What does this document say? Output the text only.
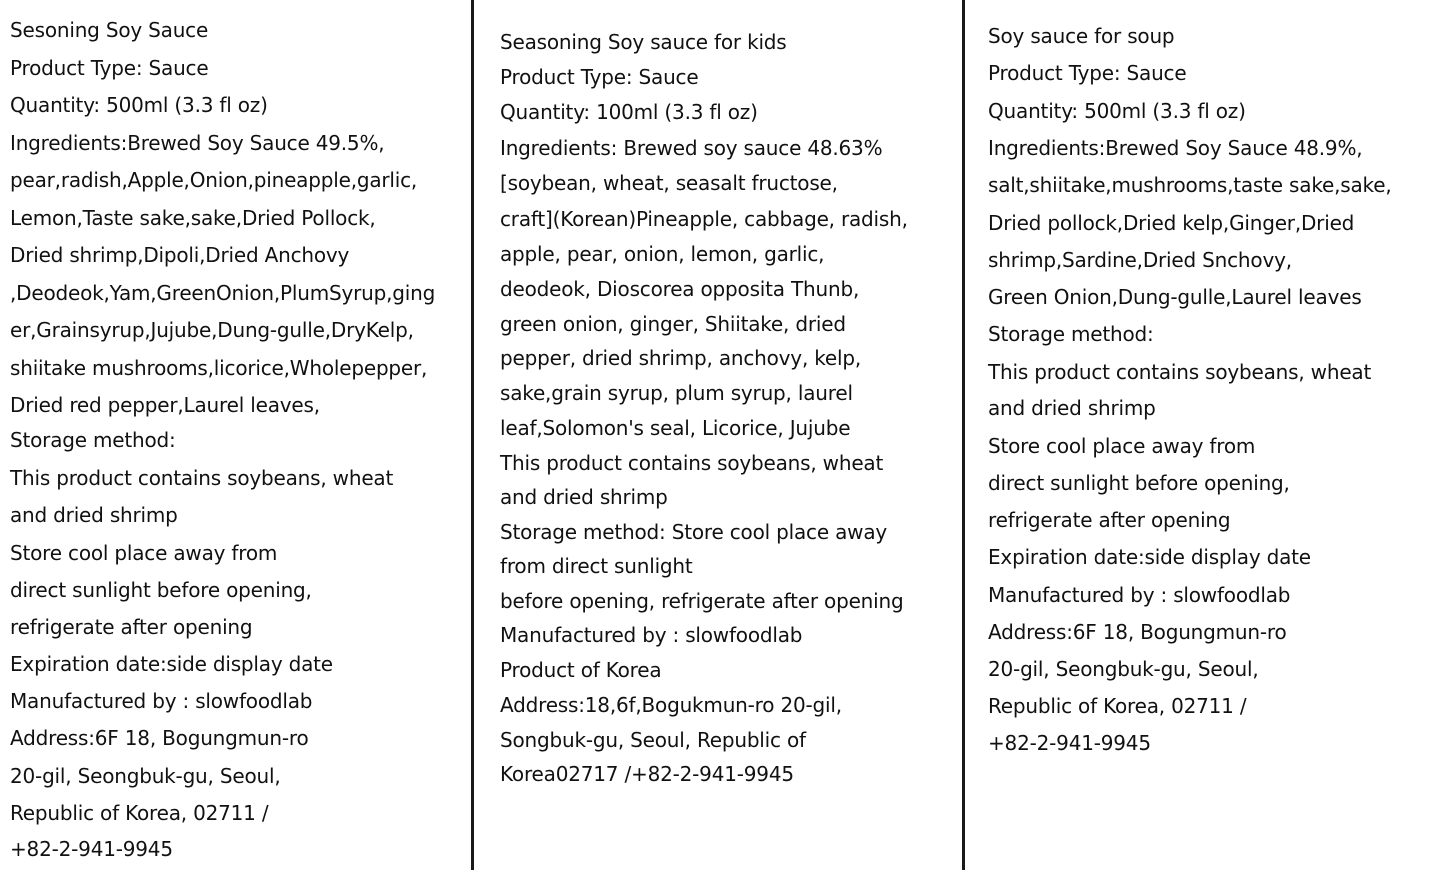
Sesoning Soy Sauce
Product Type: Sauce
Quantity: 500ml (3.3 fl oz)
Ingredients:Brewed Soy Sauce 49.5%,
pear,radish,Apple,Onion,pineapple,garlic,
Lemon,Taste sake,sake,Dried Pollock,
Dried shrimp,Dipoli,Dried Anchovy
,Deodeok,Yam,GreenOnion,PlumSyrup,ging
er,Grainsyrup,Jujube,Dung-gulle,DryKelp,
shiitake mushrooms,licorice,Wholepepper,
Dried red pepper,Laurel leaves,
Storage method:
This product contains soybeans, wheat
and dried shrimp
Store cool place away from
direct sunlight before opening,
refrigerate after opening
Expiration date:side display date
Manufactured by : slowfoodlab
Address:6F 18, Bogungmun-ro
20-gil, Seongbuk-gu, Seoul,
Republic of Korea, 02711 /
+82-2-941-9945
Seasoning Soy sauce for kids
Product Type: Sauce
Quantity: 100ml (3.3 fl oz)
Ingredients: Brewed soy sauce 48.63%
[soybean, wheat, seasalt fructose,
craft](Korean)Pineapple, cabbage, radish,
apple, pear, onion, lemon, garlic,
deodeok, Dioscorea opposita Thunb,
green onion, ginger, Shiitake, dried
pepper, dried shrimp, anchovy, kelp,
sake,grain syrup, plum syrup, laurel
leaf,Solomon's seal, Licorice, Jujube
This product contains soybeans, wheat
and dried shrimp
Storage method: Store cool place away
from direct sunlight
before opening, refrigerate after opening
Manufactured by : slowfoodlab
Product of Korea
Address:18,6f,Bogukmun-ro 20-gil,
Songbuk-gu, Seoul, Republic of
Korea02717 /+82-2-941-9945
Soy sauce for soup
Product Type: Sauce
Quantity: 500ml (3.3 fl oz)
Ingredients:Brewed Soy Sauce 48.9%,
salt,shiitake,mushrooms,taste sake,sake,
Dried pollock,Dried kelp,Ginger,Dried
shrimp,Sardine,Dried Snchovy,
Green Onion,Dung-gulle,Laurel leaves
Storage method:
This product contains soybeans, wheat
and dried shrimp
Store cool place away from
direct sunlight before opening,
refrigerate after opening
Expiration date:side display date
Manufactured by : slowfoodlab
Address:6F 18, Bogungmun-ro
20-gil, Seongbuk-gu, Seoul,
Republic of Korea, 02711 /
+82-2-941-9945
